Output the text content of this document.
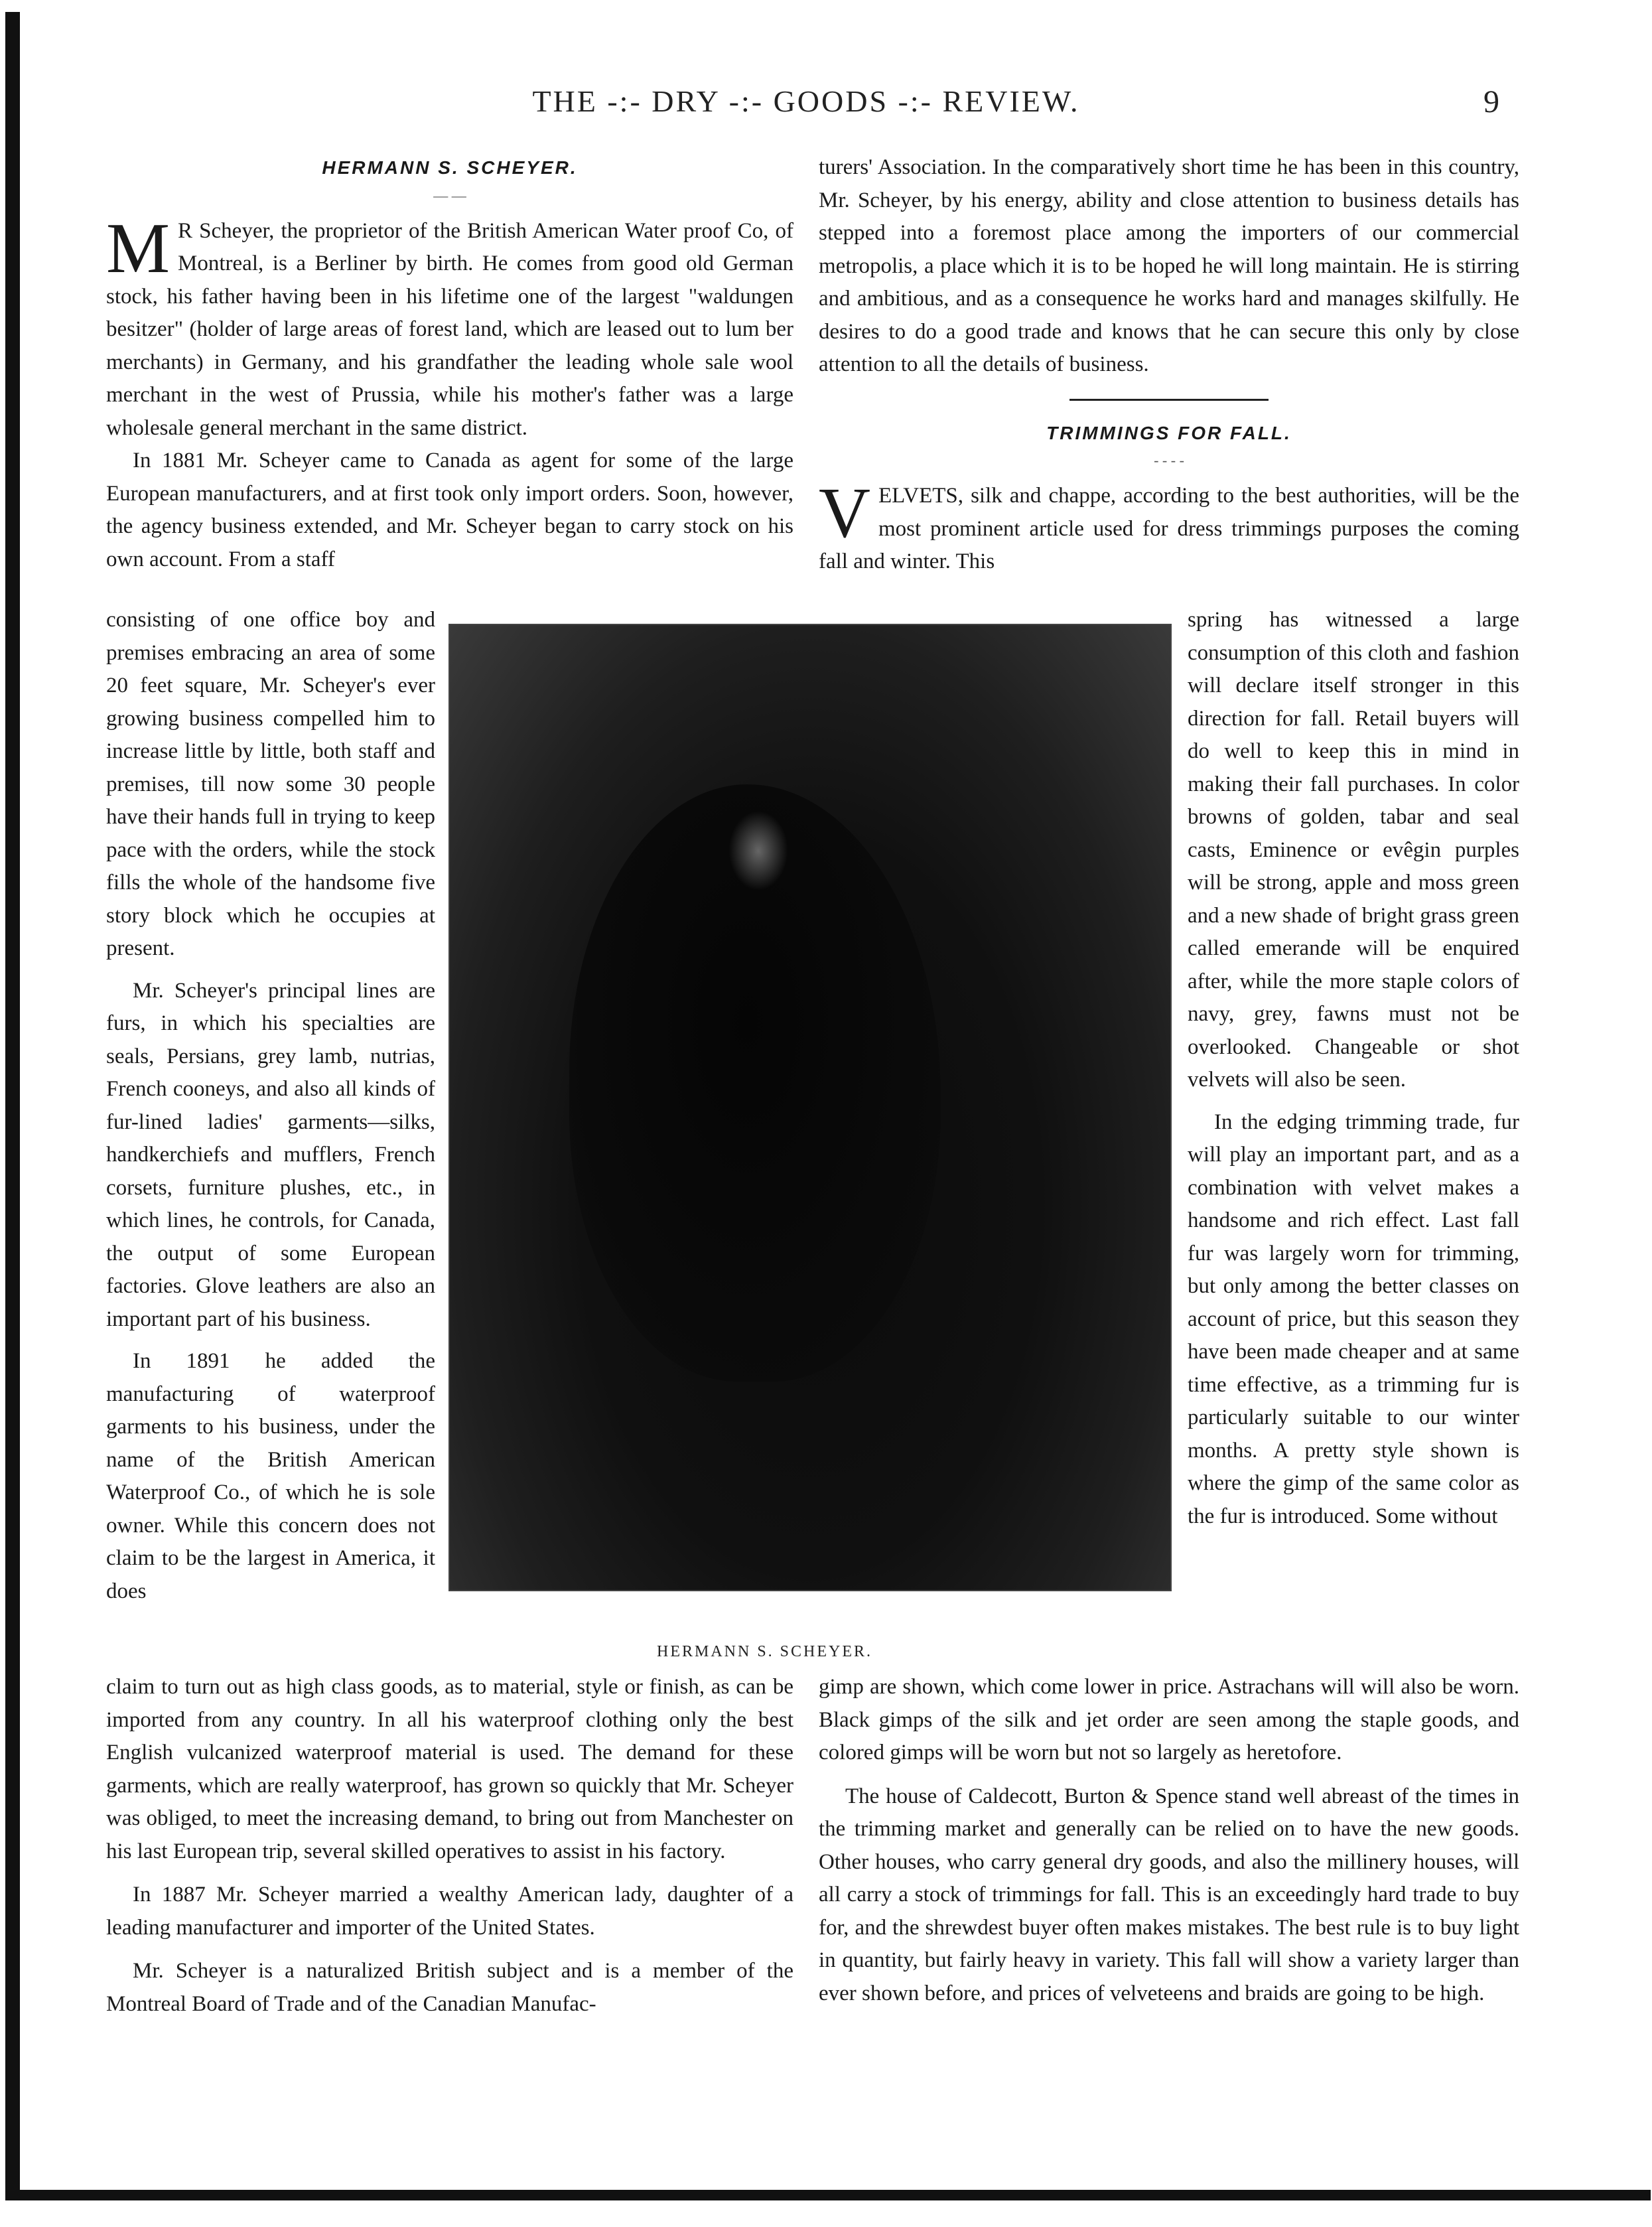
THE -:- DRY -:- GOODS -:- REVIEW.	9
HERMANN S. SCHEYER.
— —

M R Scheyer, the proprietor of the British American Water proof Co, of Montreal, is a Berliner by birth. He comes from good old German stock, his father having been in his lifetime one of the largest "waldungen besitzer" (holder of large areas of forest land, which are leased out to lum ber merchants) in Germany, and his grandfather the leading whole sale wool merchant in the west of Prussia, while his mother's father was a large wholesale general merchant in the same district.

In 1881 Mr. Scheyer came to Canada as agent for some of the large European manufacturers, and at first took only import orders. Soon, however, the agency business extended, and Mr. Scheyer began to carry stock on his own account. From a staff

consisting of one office boy and premises embracing an area of some 20 feet square, Mr. Scheyer's ever growing business compelled him to increase little by little, both staff and premises, till now some 30 people have their hands full in trying to keep pace with the orders, while the stock fills the whole of the handsome five story block which he occupies at present.

Mr. Scheyer's principal lines are furs, in which his specialties are seals, Persians, grey lamb, nutrias, French cooneys, and also all kinds of fur-lined ladies' garments—silks, handkerchiefs and mufflers, French corsets, furniture plushes, etc., in which lines, he controls, for Canada, the output of some European factories. Glove leathers are also an important part of his business.

In 1891 he added the manufacturing of waterproof garments to his business, under the name of the British American Waterproof Co., of which he is sole owner. While this concern does not claim to be the largest in America, it does

HERMANN S. SCHEYER.

claim to turn out as high class goods, as to material, style or finish, as can be imported from any country. In all his waterproof clothing only the best English vulcanized waterproof material is used. The demand for these garments, which are really waterproof, has grown so quickly that Mr. Scheyer was obliged, to meet the increasing demand, to bring out from Manchester on his last European trip, several skilled operatives to assist in his factory.

In 1887 Mr. Scheyer married a wealthy American lady, daughter of a leading manufacturer and importer of the United States.

Mr. Scheyer is a naturalized British subject and is a member of the Montreal Board of Trade and of the Canadian Manufac-

turers' Association. In the comparatively short time he has been in this country, Mr. Scheyer, by his energy, ability and close attention to business details has stepped into a foremost place among the importers of our commercial metropolis, a place which it is to be hoped he will long maintain. He is stirring and ambitious, and as a consequence he works hard and manages skilfully. He desires to do a good trade and knows that he can secure this only by close attention to all the details of business.

TRIMMINGS FOR FALL.
- - - -

VELVETS, silk and chappe, according to the best authorities, will be the most prominent article used for dress trimmings purposes the coming fall and winter. This

spring has witnessed a large consumption of this cloth and fashion will declare itself stronger in this direction for fall. Retail buyers will do well to keep this in mind in making their fall purchases. In color browns of golden, tabar and seal casts, Eminence or evêgin purples will be strong, apple and moss green and a new shade of bright grass green called emerande will be enquired after, while the more staple colors of navy, grey, fawns must not be overlooked. Changeable or shot velvets will also be seen.

In the edging trimming trade, fur will play an important part, and as a combination with velvet makes a handsome and rich effect. Last fall fur was largely worn for trimming, but only among the better classes on account of price, but this season they have been made cheaper and at same time effective, as a trimming fur is particularly suitable to our winter months. A pretty style shown is where the gimp of the same color as the fur is introduced. Some without

gimp are shown, which come lower in price. Astrachans will will also be worn. Black gimps of the silk and jet order are seen among the staple goods, and colored gimps will be worn but not so largely as heretofore.

The house of Caldecott, Burton & Spence stand well abreast of the times in the trimming market and generally can be relied on to have the new goods. Other houses, who carry general dry goods, and also the millinery houses, will all carry a stock of trimmings for fall. This is an exceedingly hard trade to buy for, and the shrewdest buyer often makes mistakes. The best rule is to buy light in quantity, but fairly heavy in variety. This fall will show a variety larger than ever shown before, and prices of velveteens and braids are going to be high.
